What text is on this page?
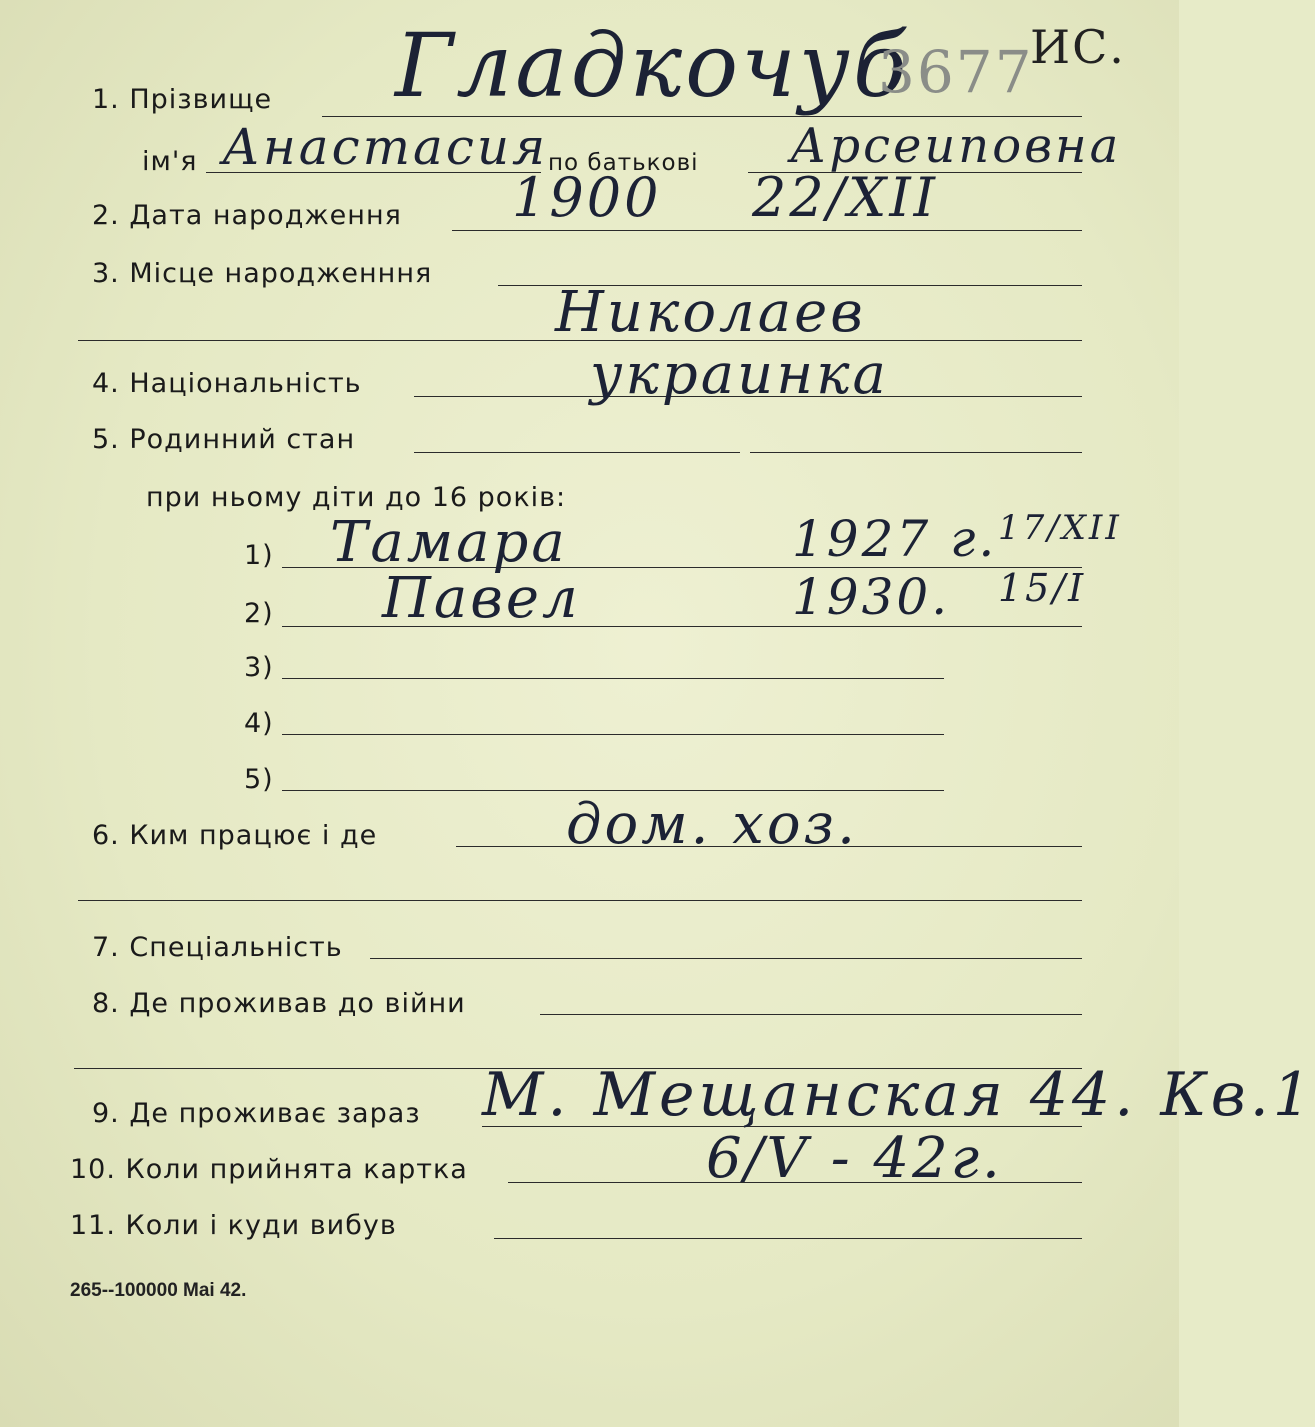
1. Прізвище Гладкочуб
3677
ИС.
ім'я Анастасия по батькові Арсеиповна
2. Дата народження 1900 22/XII
3. Місце народженння
Николаев
4. Національність	украинка
5. Родинний стан
при ньому діти до 16 років:
1) Тамара	1927 г. 17/XII
2) Павел	1930. 15/I
3)
4)
5)
6. Ким працює і де	дом. хоз.
7. Спеціальність
8. Де проживав до війни
9. Де проживає зараз М. Мещанская 44. Кв.1
10. Коли прийнята картка	6/V - 42г.
11. Коли і куди вибув
265--100000 Mai 42.
